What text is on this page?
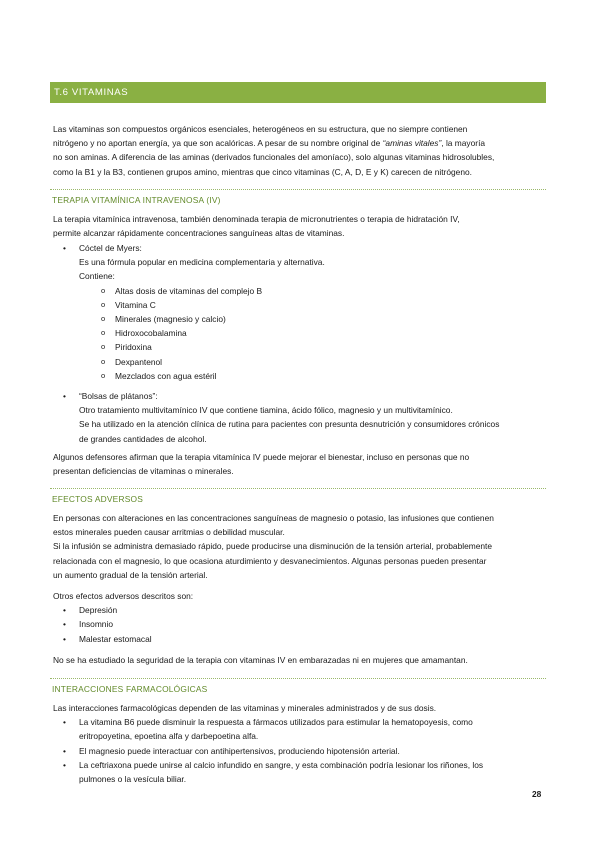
T.6 VITAMINAS
Las vitaminas son compuestos orgánicos esenciales, heterogéneos en su estructura, que no siempre contienen
nitrógeno y no aportan energía, ya que son acalóricas. A pesar de su nombre original de “aminas vitales”, la mayoría
no son aminas. A diferencia de las aminas (derivados funcionales del amoníaco), solo algunas vitaminas hidrosolubles,
como la B1 y la B3, contienen grupos amino, mientras que cinco vitaminas (C, A, D, E y K) carecen de nitrógeno.
TERAPIA VITAMÍNICA INTRAVENOSA (IV)
La terapia vitamínica intravenosa, también denominada terapia de micronutrientes o terapia de hidratación IV,
permite alcanzar rápidamente concentraciones sanguíneas altas de vitaminas.
• Cóctel de Myers:
Es una fórmula popular en medicina complementaria y alternativa.
Contiene:
o Altas dosis de vitaminas del complejo B
o Vitamina C
o Minerales (magnesio y calcio)
o Hidroxocobalamina
o Piridoxina
o Dexpantenol
o Mezclados con agua estéril
• “Bolsas de plátanos”:
Otro tratamiento multivitamínico IV que contiene tiamina, ácido fólico, magnesio y un multivitamínico.
Se ha utilizado en la atención clínica de rutina para pacientes con presunta desnutrición y consumidores crónicos
de grandes cantidades de alcohol.
Algunos defensores afirman que la terapia vitamínica IV puede mejorar el bienestar, incluso en personas que no
presentan deficiencias de vitaminas o minerales.
EFECTOS ADVERSOS
En personas con alteraciones en las concentraciones sanguíneas de magnesio o potasio, las infusiones que contienen
estos minerales pueden causar arritmias o debilidad muscular.
Si la infusión se administra demasiado rápido, puede producirse una disminución de la tensión arterial, probablemente
relacionada con el magnesio, lo que ocasiona aturdimiento y desvanecimientos. Algunas personas pueden presentar
un aumento gradual de la tensión arterial.
Otros efectos adversos descritos son:
• Depresión
• Insomnio
• Malestar estomacal
No se ha estudiado la seguridad de la terapia con vitaminas IV en embarazadas ni en mujeres que amamantan.
INTERACCIONES FARMACOLÓGICAS
Las interacciones farmacológicas dependen de las vitaminas y minerales administrados y de sus dosis.
• La vitamina B6 puede disminuir la respuesta a fármacos utilizados para estimular la hematopoyesis, como
eritropoyetina, epoetina alfa y darbepoetina alfa.
• El magnesio puede interactuar con antihipertensivos, produciendo hipotensión arterial.
• La ceftriaxona puede unirse al calcio infundido en sangre, y esta combinación podría lesionar los riñones, los
pulmones o la vesícula biliar.
28
